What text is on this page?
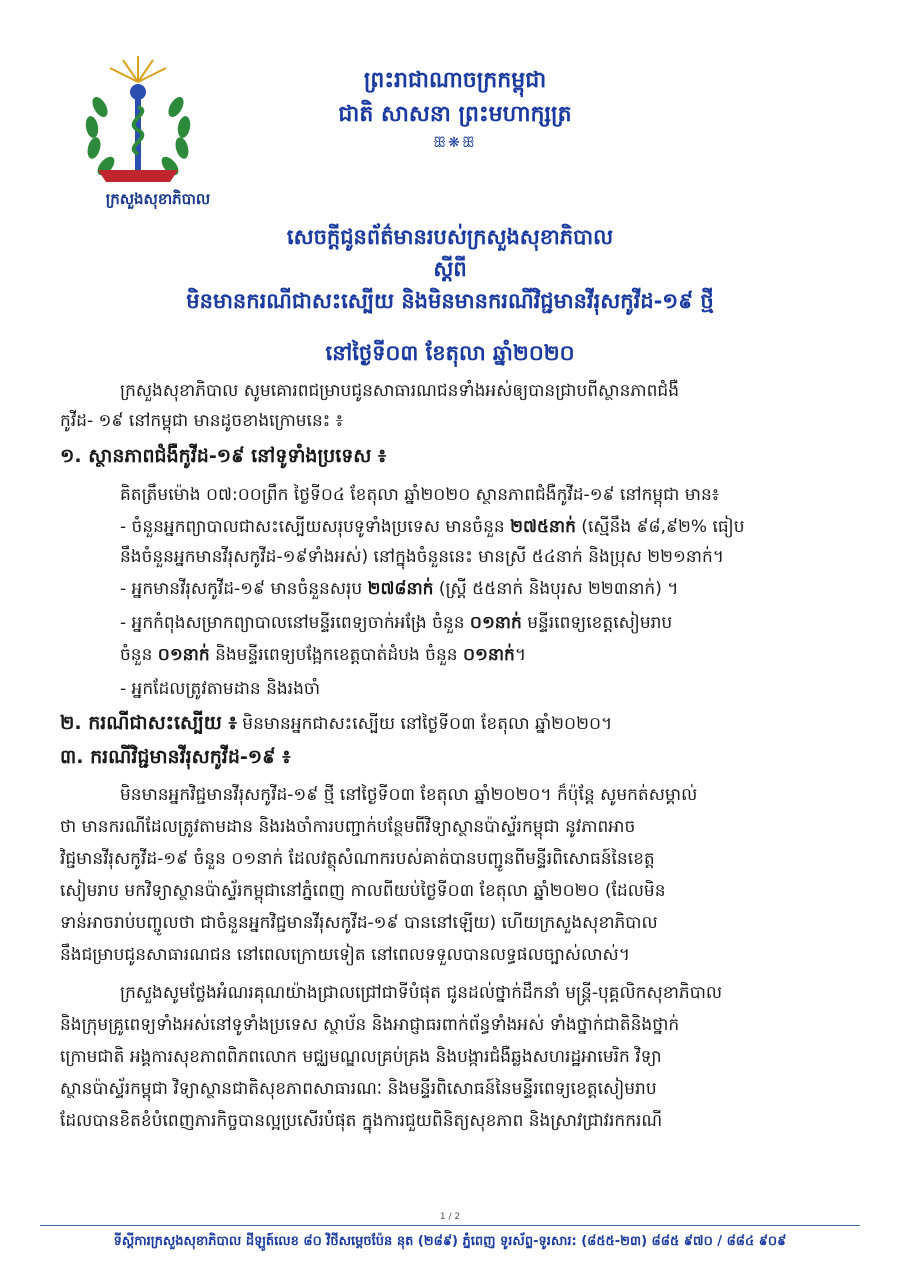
ក្រសួងសុខាភិបាល
ព្រះរាជាណាចក្រកម្ពុជា
ជាតិ សាសនា ព្រះមហាក្សត្រ
ꕥ❋ꕥ
សេចក្ដីជូនព័ត៌មានរបស់ក្រសួងសុខាភិបាល
ស្ដីពី
មិនមានករណីជាសះស្បើយ និងមិនមានករណីវិជ្ជមានវីរុសកូវីដ-១៩ ថ្មី
នៅថ្ងៃទី០៣ ខែតុលា ឆ្នាំ២០២០
ក្រសួងសុខាភិបាល សូមគោរពជម្រាបជូនសាធារណជនទាំងអស់ឲ្យបានជ្រាបពីស្ថានភាពជំងឺ
កូវីដ- ១៩ នៅកម្ពុជា មានដូចខាងក្រោមនេះ ៖
១. ស្ថានភាពជំងឺកូវីដ-១៩ នៅទូទាំងប្រទេស ៖
គិតត្រឹមម៉ោង ០៧:០០ព្រឹក ថ្ងៃទី០៤ ខែតុលា ឆ្នាំ២០២០ ស្ថានភាពជំងឺកូវីដ-១៩ នៅកម្ពុជា មាន៖
- ចំនួនអ្នកព្យាបាលជាសះស្បើយសរុបទូទាំងប្រទេស មានចំនួន ២៧៥នាក់ (ស្មើនឹង ៩៨,៩២% ធៀប
នឹងចំនួនអ្នកមានវីរុសកូវីដ-១៩ទាំងអស់) នៅក្នុងចំនួននេះ មានស្រី ៥៤នាក់ និងប្រុស ២២១នាក់។
- អ្នកមានវីរុសកូវីដ-១៩ មានចំនួនសរុប ២៧៨នាក់ (ស្ត្រី ៥៥នាក់ និងបុរស ២២៣នាក់) ។
- អ្នកកំពុងសម្រាកព្យាបាលនៅមន្ទីរពេទ្យចាក់អង្រែ ចំនួន ០១នាក់ មន្ទីរពេទ្យខេត្តសៀមរាប
ចំនួន ០១នាក់ និងមន្ទីរពេទ្យបង្អែកខេត្តបាត់ដំបង ចំនួន ០១នាក់។
- អ្នកដែលត្រូវតាមដាន និងរងចាំ
២. ករណីជាសះស្បើយ ៖ មិនមានអ្នកជាសះស្បើយ នៅថ្ងៃទី០៣ ខែតុលា ឆ្នាំ២០២០។
៣. ករណីវិជ្ជមានវីរុសកូវីដ-១៩ ៖
មិនមានអ្នកវិជ្ជមានវីរុសកូវីដ-១៩ ថ្មី នៅថ្ងៃទី០៣ ខែតុលា ឆ្នាំ២០២០។ ក៏ប៉ុន្តែ សូមកត់សម្គាល់
ថា មានករណីដែលត្រូវតាមដាន និងរងចាំការបញ្ជាក់បន្ថែមពីវិទ្យាស្ថានប៉ាស្ទ័រកម្ពុជា នូវភាពអាច
វិជ្ជមានវីរុសកូវីដ-១៩ ចំនួន ០១នាក់ ដែលវត្ថុសំណាករបស់គាត់បានបញ្ជូនពីមន្ទីរពិសោធន៍នៃខេត្ត
សៀមរាប មកវិទ្យាស្ថានប៉ាស្ទ័រកម្ពុជានៅភ្នំពេញ កាលពីយប់ថ្ងៃទី០៣ ខែតុលា ឆ្នាំ២០២០ (ដែលមិន
ទាន់អាចរាប់បញ្ចូលថា ជាចំនួនអ្នកវិជ្ជមានវីរុសកូវីដ-១៩ បាននៅឡើយ) ហើយក្រសួងសុខាភិបាល
នឹងជម្រាបជូនសាធារណជន នៅពេលក្រោយទៀត នៅពេលទទួលបានលទ្ធផលច្បាស់លាស់។
ក្រសួងសូមថ្លែងអំណរគុណយ៉ាងជ្រាលជ្រៅជាទីបំផុត ជូនដល់ថ្នាក់ដឹកនាំ មន្ត្រី-បុគ្គលិកសុខាភិបាល
និងក្រុមគ្រូពេទ្យទាំងអស់នៅទូទាំងប្រទេស ស្ថាប័ន និងអាជ្ញាធរពាក់ព័ន្ធទាំងអស់ ទាំងថ្នាក់ជាតិនិងថ្នាក់
ក្រោមជាតិ អង្គការសុខភាពពិភពលោក មជ្ឈមណ្ឌលគ្រប់គ្រង និងបង្ការជំងឺឆ្លងសហរដ្ឋអាមេរិក វិទ្យា
ស្ថានប៉ាស្ទ័រកម្ពុជា វិទ្យាស្ថានជាតិសុខភាពសាធារណៈ និងមន្ទីរពិសោធន៍នៃមន្ទីរពេទ្យខេត្តសៀមរាប
ដែលបានខិតខំបំពេញភារកិច្ចបានល្អប្រសើរបំផុត ក្នុងការជួយពិនិត្យសុខភាព និងស្រាវជ្រាវរកករណី
1 / 2
ទីស្តីការក្រសួងសុខាភិបាល ដីឡូត៍លេខ ៨០ វិថីសម្តេចប៉ែន នុត (២៨៩) ភ្នំពេញ ទូរស័ព្ទ-ទូរសារ: (៨៥៥-២៣) ៨៨៥ ៩៧០ / ៨៨៤ ៩០៩
